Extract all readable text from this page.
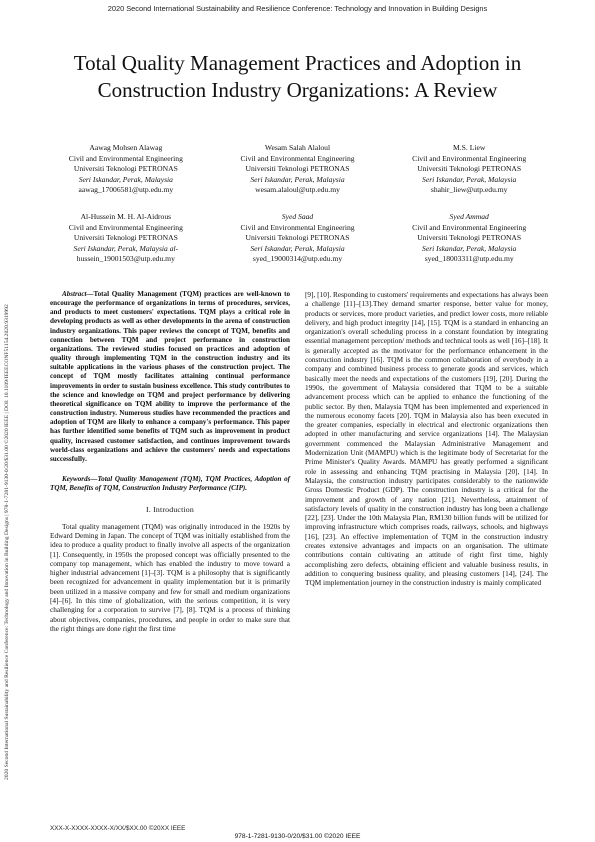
2020 Second International Sustainability and Resilience Conference: Technology and Innovation in Building Designs
2020 Second International Sustainability and Resilience Conference: Technology and Innovation in Building Designs | 978-1-7281-9130-0/20/$31.00 ©2020 IEEE | DOI: 10.1109/IEEECONF51154.2020.9319992
Total Quality Management Practices and Adoption in Construction Industry Organizations: A Review
Aawag Mohsen Alawag
Civil and Environmental Engineering
Universiti Teknologi PETRONAS
Seri Iskandar, Perak, Malaysia
aawag_17006581@utp.edu.my
Wesam Salah Alaloul
Civil and Environmental Engineering
Universiti Teknologi PETRONAS
Seri Iskandar, Perak, Malaysia
wesam.alaloul@utp.edu.my
M.S. Liew
Civil and Environmental Engineering
Universiti Teknologi PETRONAS
Seri Iskandar, Perak, Malaysia
shahir_liew@utp.edu.my
Al-Hussein M. H. Al-Aidrous
Civil and Environmental Engineering
Universiti Teknologi PETRONAS
Seri Iskandar, Perak, Malaysia al-
hussein_19001503@utp.edu.my
Syed Saad
Civil and Environmental Engineering
Universiti Teknologi PETRONAS
Seri Iskandar, Perak, Malaysia
syed_19000314@utp.edu.my
Syed Ammad
Civil and Environmental Engineering
Universiti Teknologi PETRONAS
Seri Iskandar, Perak, Malaysia
syed_18003311@utp.edu.my

Abstract—Total Quality Management (TQM) practices are well-known to encourage the performance of organizations in terms of procedures, services, and products to meet customers' expectations. TQM plays a critical role in developing products as well as other developments in the arena of construction industry organizations. This paper reviews the concept of TQM, benefits and connection between TQM and project performance in construction organizations. The reviewed studies focused on practices and adoption of quality through implementing TQM in the construction industry and its suitable applications in the various phases of the construction project. The concept of TQM mostly facilitates attaining continual performance improvements in order to sustain business excellence. This study contributes to the science and knowledge on TQM and project performance by delivering theoretical significance on TQM ability to improve the performance of the construction industry. Numerous studies have recommended the practices and adoption of TQM are likely to enhance a company's performance. This paper has further identified some benefits of TQM such as improvement in product quality, increased customer satisfaction, and continues improvement towards world-class organizations and achieve the customers' needs and expectations successfully.

Keywords—Total Quality Management (TQM), TQM Practices, Adoption of TQM, Benefits of TQM, Construction Industry Performance (CIP).

I. Introduction

Total quality management (TQM) was originally introduced in the 1920s by Edward Deming in Japan. The concept of TQM was initially established from the idea to produce a quality product to finally involve all aspects of the organization [1]. Consequently, in 1950s the proposed concept was officially presented to the company top management, which has enabled the industry to move toward a higher industrial advancement [1]–[3]. TQM is a philosophy that is significantly been recognized for advancement in quality implementation but it is primarily been utilized in a massive company and few for small and medium organizations [4]–[6]. In this time of globalization, with the serious competition, it is very challenging for a corporation to survive [7], [8]. TQM is a process of thinking about objectives, companies, procedures, and people in order to make sure that the right things are done right the first time

[9], [10]. Responding to customers' requirements and expectations has always been a challenge [11]–[13].They demand smarter response, better value for money, products or services, more product varieties, and predict lower costs, more reliable delivery, and high product integrity [14], [15]. TQM is a standard in enhancing an organization's overall scheduling process in a constant foundation by integrating essential management perception/ methods and technical tools as well [16]–[18]. It is generally accepted as the motivator for the performance enhancement in the construction industry [16]. TQM is the common collaboration of everybody in a company and combined business process to generate goods and services, which basically meet the needs and expectations of the customers [19], [20]. During the 1990s, the government of Malaysia considered that TQM to be a suitable advancement process which can be applied to enhance the functioning of the public sector. By then, Malaysia TQM has been implemented and experienced in the numerous economy facets [20]. TQM in Malaysia also has been executed in the greater companies, especially in electrical and electronic organizations then adopted in other manufacturing and service organizations [14]. The Malaysian government commenced the Malaysian Administrative Management and Modernization Unit (MAMPU) which is the legitimate body of Secretariat for the Prime Minister's Quality Awards. MAMPU has greatly performed a significant role in assessing and enhancing TQM practising in Malaysia [20], [14]. In Malaysia, the construction industry participates considerably to the nationwide Gross Domestic Product (GDP). The construction industry is a critical for the improvement and growth of any nation [21]. Nevertheless, attainment of satisfactory levels of quality in the construction industry has long been a challenge [22], [23]. Under the 10th Malaysia Plan, RM130 billion funds will be utilized for improving infrastructure which comprises roads, railways, schools, and highways [16], [23]. An effective implementation of TQM in the construction industry creates extensive advantages and impacts on an organisation. The ultimate contributions contain cultivating an attitude of right first time, highly accomplishing zero defects, obtaining efficient and valuable business results, in addition to conquering business quality, and pleasing customers [14], [24]. The TQM implementation journey in the construction industry is mainly complicated

XXX-X-XXXX-XXXX-X/XX/$XX.00 ©20XX IEEE
978-1-7281-9130-0/20/$31.00 ©2020 IEEE
